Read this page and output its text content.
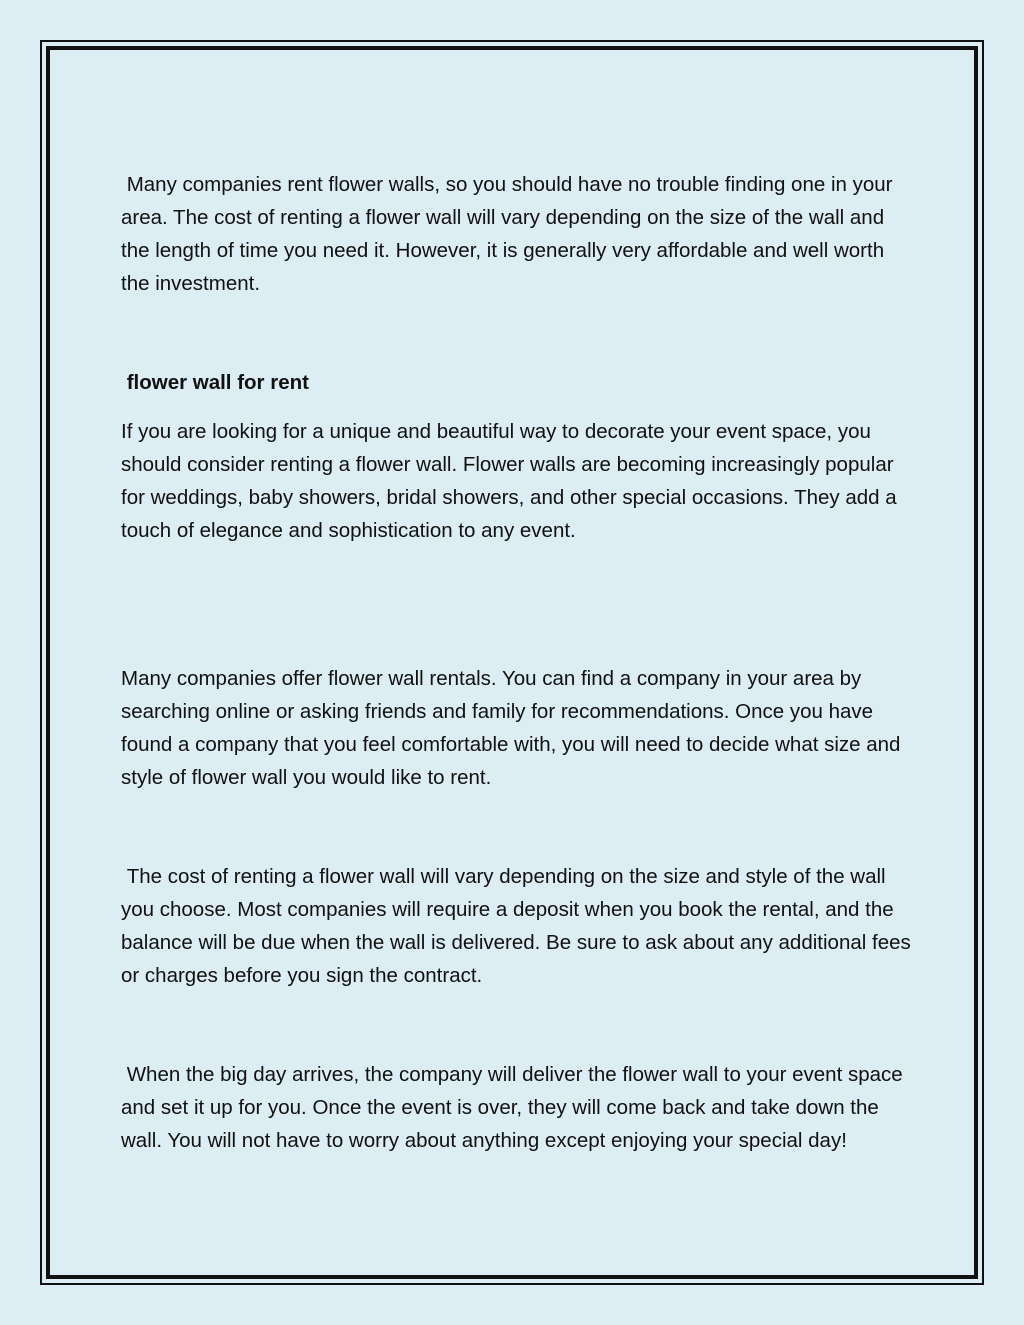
Many companies rent flower walls, so you should have no trouble finding one in your area. The cost of renting a flower wall will vary depending on the size of the wall and the length of time you need it. However, it is generally very affordable and well worth the investment.

flower wall for rent

If you are looking for a unique and beautiful way to decorate your event space, you should consider renting a flower wall. Flower walls are becoming increasingly popular for weddings, baby showers, bridal showers, and other special occasions. They add a touch of elegance and sophistication to any event.

Many companies offer flower wall rentals. You can find a company in your area by searching online or asking friends and family for recommendations. Once you have found a company that you feel comfortable with, you will need to decide what size and style of flower wall you would like to rent.

The cost of renting a flower wall will vary depending on the size and style of the wall you choose. Most companies will require a deposit when you book the rental, and the balance will be due when the wall is delivered. Be sure to ask about any additional fees or charges before you sign the contract.

When the big day arrives, the company will deliver the flower wall to your event space and set it up for you. Once the event is over, they will come back and take down the wall. You will not have to worry about anything except enjoying your special day!
